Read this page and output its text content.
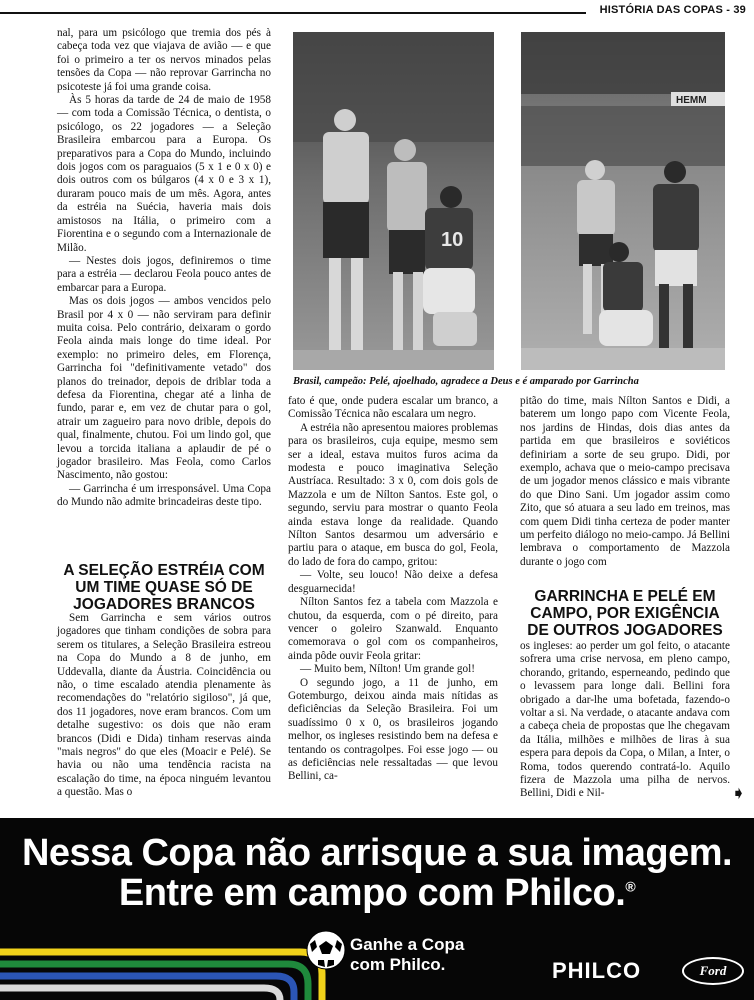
HISTÓRIA DAS COPAS - 39

nal, para um psicólogo que tremia dos pés à cabeça toda vez que viajava de avião — e que foi o primeiro a ter os nervos minados pelas tensões da Copa — não reprovar Garrincha no psicoteste já foi uma grande coisa.

Às 5 horas da tarde de 24 de maio de 1958 — com toda a Comissão Técnica, o dentista, o psicólogo, os 22 jogadores — a Seleção Brasileira embarcou para a Europa. Os preparativos para a Copa do Mundo, incluindo dois jogos com os paraguaios (5 x 1 e 0 x 0) e dois outros com os búlgaros (4 x 0 e 3 x 1), duraram pouco mais de um mês. Agora, antes da estréia na Suécia, haveria mais dois amistosos na Itália, o primeiro com a Fiorentina e o segundo com a Internazionale de Milão.

— Nestes dois jogos, definiremos o time para a estréia — declarou Feola pouco antes de embarcar para a Europa.

Mas os dois jogos — ambos vencidos pelo Brasil por 4 x 0 — não serviram para definir muita coisa. Pelo contrário, deixaram o gordo Feola ainda mais longe do time ideal. Por exemplo: no primeiro deles, em Florença, Garrincha foi "definitivamente vetado" dos planos do treinador, depois de driblar toda a defesa da Fiorentina, chegar até a linha de fundo, parar e, em vez de chutar para o gol, atrair um zagueiro para novo drible, depois do qual, finalmente, chutou. Foi um lindo gol, que levou a torcida italiana a aplaudir de pé o jogador brasileiro. Mas Feola, como Carlos Nascimento, não gostou:

— Garrincha é um irresponsável. Uma Copa do Mundo não admite brincadeiras deste tipo.

A SELEÇÃO ESTRÉIA COM UM TIME QUASE SÓ DE JOGADORES BRANCOS

Sem Garrincha e sem vários outros jogadores que tinham condições de sobra para serem os titulares, a Seleção Brasileira estreou na Copa do Mundo a 8 de junho, em Uddevalla, diante da Áustria. Coincidência ou não, o time escalado atendia plenamente às recomendações do "relatório sigiloso", já que, dos 11 jogadores, nove eram brancos. Com um detalhe sugestivo: os dois que não eram brancos (Didi e Dida) tinham reservas ainda "mais negros" do que eles (Moacir e Pelé). Se havia ou não uma tendência racista na escalação do time, na época ninguém levantou a questão. Mas o

10
HEMM
Brasil, campeão: Pelé, ajoelhado, agradece a Deus e é amparado por Garrincha

fato é que, onde pudera escalar um branco, a Comissão Técnica não escalara um negro.

A estréia não apresentou maiores problemas para os brasileiros, cuja equipe, mesmo sem ser a ideal, estava muitos furos acima da modesta e pouco imaginativa Seleção Austríaca. Resultado: 3 x 0, com dois gols de Mazzola e um de Nílton Santos. Este gol, o segundo, serviu para mostrar o quanto Feola ainda estava longe da realidade. Quando Nílton Santos desarmou um adversário e partiu para o ataque, em busca do gol, Feola, do lado de fora do campo, gritou:

— Volte, seu louco! Não deixe a defesa desguarnecida!

Nílton Santos fez a tabela com Mazzola e chutou, da esquerda, com o pé direito, para vencer o goleiro Szanwald. Enquanto comemorava o gol com os companheiros, ainda pôde ouvir Feola gritar:

— Muito bem, Nílton! Um grande gol!

O segundo jogo, a 11 de junho, em Gotemburgo, deixou ainda mais nítidas as deficiências da Seleção Brasileira. Foi um suadíssimo 0 x 0, os brasileiros jogando melhor, os ingleses resistindo bem na defesa e tentando os contragolpes. Foi esse jogo — ou as deficiências nele ressaltadas — que levou Bellini, ca-

pitão do time, mais Nílton Santos e Didi, a baterem um longo papo com Vicente Feola, nos jardins de Hindas, dois dias antes da partida em que brasileiros e soviéticos definiriam a sorte de seu grupo. Didi, por exemplo, achava que o meio-campo precisava de um jogador menos clássico e mais vibrante do que Dino Sani. Um jogador assim como Zito, que só atuara a seu lado em treinos, mas com quem Didi tinha certeza de poder manter um perfeito diálogo no meio-campo. Já Bellini lembrava o comportamento de Mazzola durante o jogo com

GARRINCHA E PELÉ EM CAMPO, POR EXIGÊNCIA DE OUTROS JOGADORES

os ingleses: ao perder um gol feito, o atacante sofrera uma crise nervosa, em pleno campo, chorando, gritando, esperneando, pedindo que o levassem para longe dali. Bellini fora obrigado a dar-lhe uma bofetada, fazendo-o voltar a si. Na verdade, o atacante andava com a cabeça cheia de propostas que lhe chegavam da Itália, milhões e milhões de liras à sua espera para depois da Copa, o Milan, a Inter, o Roma, todos querendo contratá-lo. Aquilo fizera de Mazzola uma pilha de nervos. Bellini, Didi e Nil-	➧
Nessa Copa não arrisque a sua imagem.
Entre em campo com Philco.®
Ganhe a Copa
com Philco.	PHILCO	Ford
